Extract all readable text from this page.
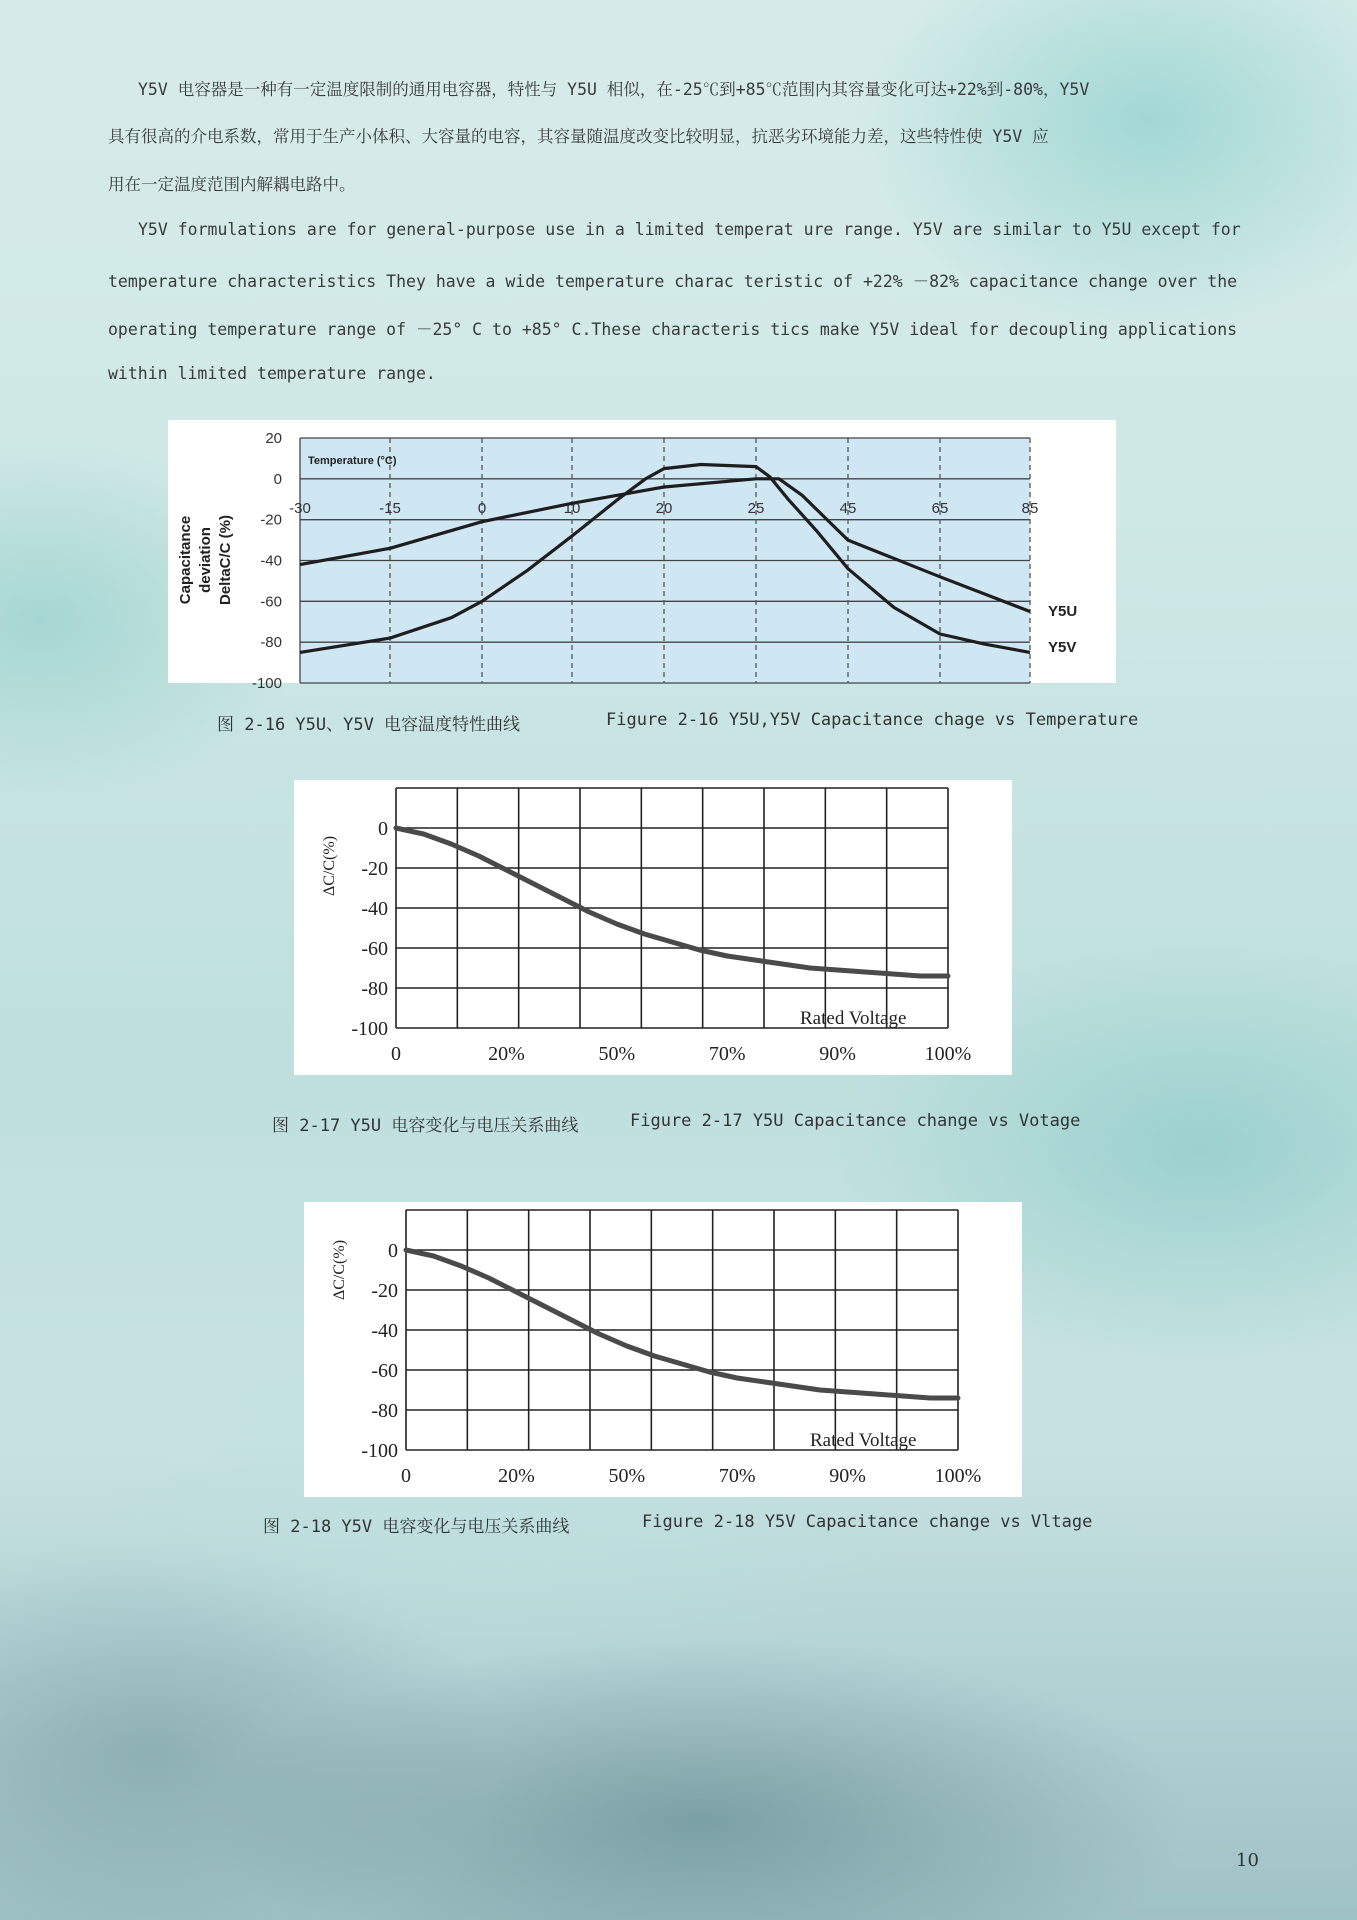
Y5V 电容器是一种有一定温度限制的通用电容器，特性与 Y5U 相似，在-25℃到+85℃范围内其容量变化可达+22%到-80%，Y5V
具有很高的介电系数，常用于生产小体积、大容量的电容，其容量随温度改变比较明显，抗恶劣环境能力差，这些特性使 Y5V 应
用在一定温度范围内解耦电路中。
Y5V formulations are for general-purpose use in a limited temperat ure range. Y5V are similar to Y5U except for
temperature characteristics They have a wide temperature charac teristic of +22% －82% capacitance change over the
operating temperature range of －25° C to +85° C.These characteris tics make Y5V ideal for decoupling applications
within limited temperature range.
20
0
-20
-40
-60
-80
-100
-30	-15	0	10	20	25	45	65	85
Temperature (°C)
Capacitance deviation DeltaC/C (%)
Y5U
Y5V
图 2-16 Y5U、Y5V 电容温度特性曲线	Figure 2-16 Y5U,Y5V Capacitance chage vs Temperature
0
-20
-40
-60
-80
-100
0	20%	50%	70%	90%	100%
ΔC/C(%)
Rated Voltage
图 2-17 Y5U 电容变化与电压关系曲线	Figure 2-17 Y5U Capacitance change vs Votage
0
-20
-40
-60
-80
-100
0	20%	50%	70%	90%	100%
ΔC/C(%)
Rated Voltage
图 2-18 Y5V 电容变化与电压关系曲线	Figure 2-18 Y5V Capacitance change vs Vltage
10
